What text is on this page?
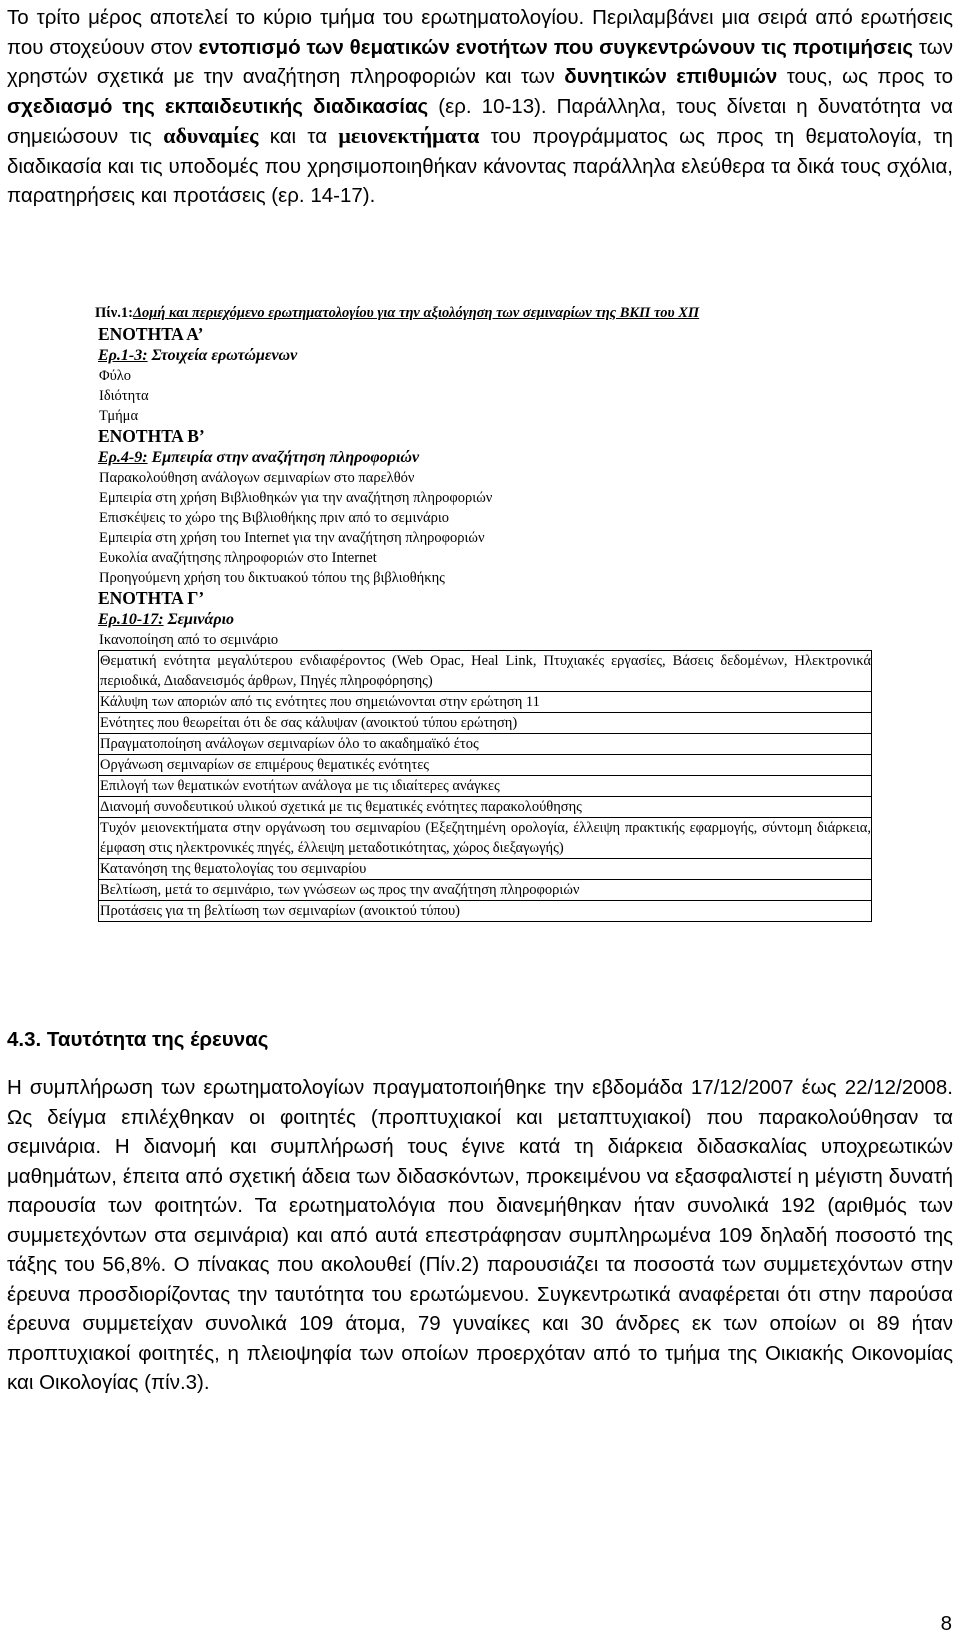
Το τρίτο μέρος αποτελεί το κύριο τμήμα του ερωτηματολογίου. Περιλαμβάνει μια σειρά από ερωτήσεις που στοχεύουν στον εντοπισμό των θεματικών ενοτήτων που συγκεντρώνουν τις προτιμήσεις των χρηστών σχετικά με την αναζήτηση πληροφοριών και των δυνητικών επιθυμιών τους, ως προς το σχεδιασμό της εκπαιδευτικής διαδικασίας (ερ. 10-13). Παράλληλα, τους δίνεται η δυνατότητα να σημειώσουν τις αδυναμίες και τα μειονεκτήματα του προγράμματος ως προς τη θεματολογία, τη διαδικασία και τις υποδομές που χρησιμοποιηθήκαν κάνοντας παράλληλα ελεύθερα τα δικά τους σχόλια, παρατηρήσεις και προτάσεις (ερ. 14-17).

Πίν.1:Δομή και περιεχόμενο ερωτηματολογίου για την αξιολόγηση των σεμιναρίων της ΒΚΠ του ΧΠ
ΕΝΟΤΗΤΑ Α’
Ερ.1-3: Στοιχεία ερωτώμενων
Φύλο
Ιδιότητα
Τμήμα
ΕΝΟΤΗΤΑ Β’
Ερ.4-9: Εμπειρία στην αναζήτηση πληροφοριών
Παρακολούθηση ανάλογων σεμιναρίων στο παρελθόν
Εμπειρία στη χρήση Βιβλιοθηκών για την αναζήτηση πληροφοριών
Επισκέψεις το χώρο της Βιβλιοθήκης πριν από το σεμινάριο
Εμπειρία στη χρήση του Internet για την αναζήτηση πληροφοριών
Ευκολία αναζήτησης πληροφοριών στο Internet
Προηγούμενη χρήση του δικτυακού τόπου της βιβλιοθήκης
ΕΝΟΤΗΤΑ Γ’
Ερ.10-17: Σεμινάριο
Ικανοποίηση από το σεμινάριο
Θεματική ενότητα μεγαλύτερου ενδιαφέροντος (Web Opac, Heal Link, Πτυχιακές εργασίες, Βάσεις δεδομένων, Ηλεκτρονικά περιοδικά, Διαδανεισμός άρθρων, Πηγές πληροφόρησης)
Κάλυψη των αποριών από τις ενότητες που σημειώνονται στην ερώτηση 11
Ενότητες που θεωρείται ότι δε σας κάλυψαν (ανοικτού τύπου ερώτηση)
Πραγματοποίηση ανάλογων σεμιναρίων όλο το ακαδημαϊκό έτος
Οργάνωση σεμιναρίων σε επιμέρους θεματικές ενότητες
Επιλογή των θεματικών ενοτήτων ανάλογα με τις ιδιαίτερες ανάγκες
Διανομή συνοδευτικού υλικού σχετικά με τις θεματικές ενότητες παρακολούθησης
Τυχόν μειονεκτήματα στην οργάνωση του σεμιναρίου (Εξεζητημένη ορολογία, έλλειψη πρακτικής εφαρμογής, σύντομη διάρκεια, έμφαση στις ηλεκτρονικές πηγές, έλλειψη μεταδοτικότητας, χώρος διεξαγωγής)
Κατανόηση της θεματολογίας του σεμιναρίου
Βελτίωση, μετά το σεμινάριο, των γνώσεων ως προς την αναζήτηση πληροφοριών
Προτάσεις για τη βελτίωση των σεμιναρίων (ανοικτού τύπου)
4.3. Ταυτότητα της έρευνας

Η συμπλήρωση των ερωτηματολογίων πραγματοποιήθηκε την εβδομάδα 17/12/2007 έως 22/12/2008. Ως δείγμα επιλέχθηκαν οι φοιτητές (προπτυχιακοί και μεταπτυχιακοί) που παρακολούθησαν τα σεμινάρια. Η διανομή και συμπλήρωσή τους έγινε κατά τη διάρκεια διδασκαλίας υποχρεωτικών μαθημάτων, έπειτα από σχετική άδεια των διδασκόντων, προκειμένου να εξασφαλιστεί η μέγιστη δυνατή παρουσία των φοιτητών. Τα ερωτηματολόγια που διανεμήθηκαν ήταν συνολικά 192 (αριθμός των συμμετεχόντων στα σεμινάρια) και από αυτά επεστράφησαν συμπληρωμένα 109 δηλαδή ποσοστό της τάξης του 56,8%. Ο πίνακας που ακολουθεί (Πίν.2) παρουσιάζει τα ποσοστά των συμμετεχόντων στην έρευνα προσδιορίζοντας την ταυτότητα του ερωτώμενου. Συγκεντρωτικά αναφέρεται ότι στην παρούσα έρευνα συμμετείχαν συνολικά 109 άτομα, 79 γυναίκες και 30 άνδρες εκ των οποίων οι 89 ήταν προπτυχιακοί φοιτητές, η πλειοψηφία των οποίων προερχόταν από το τμήμα της Οικιακής Οικονομίας και Οικολογίας (πίν.3).

8
